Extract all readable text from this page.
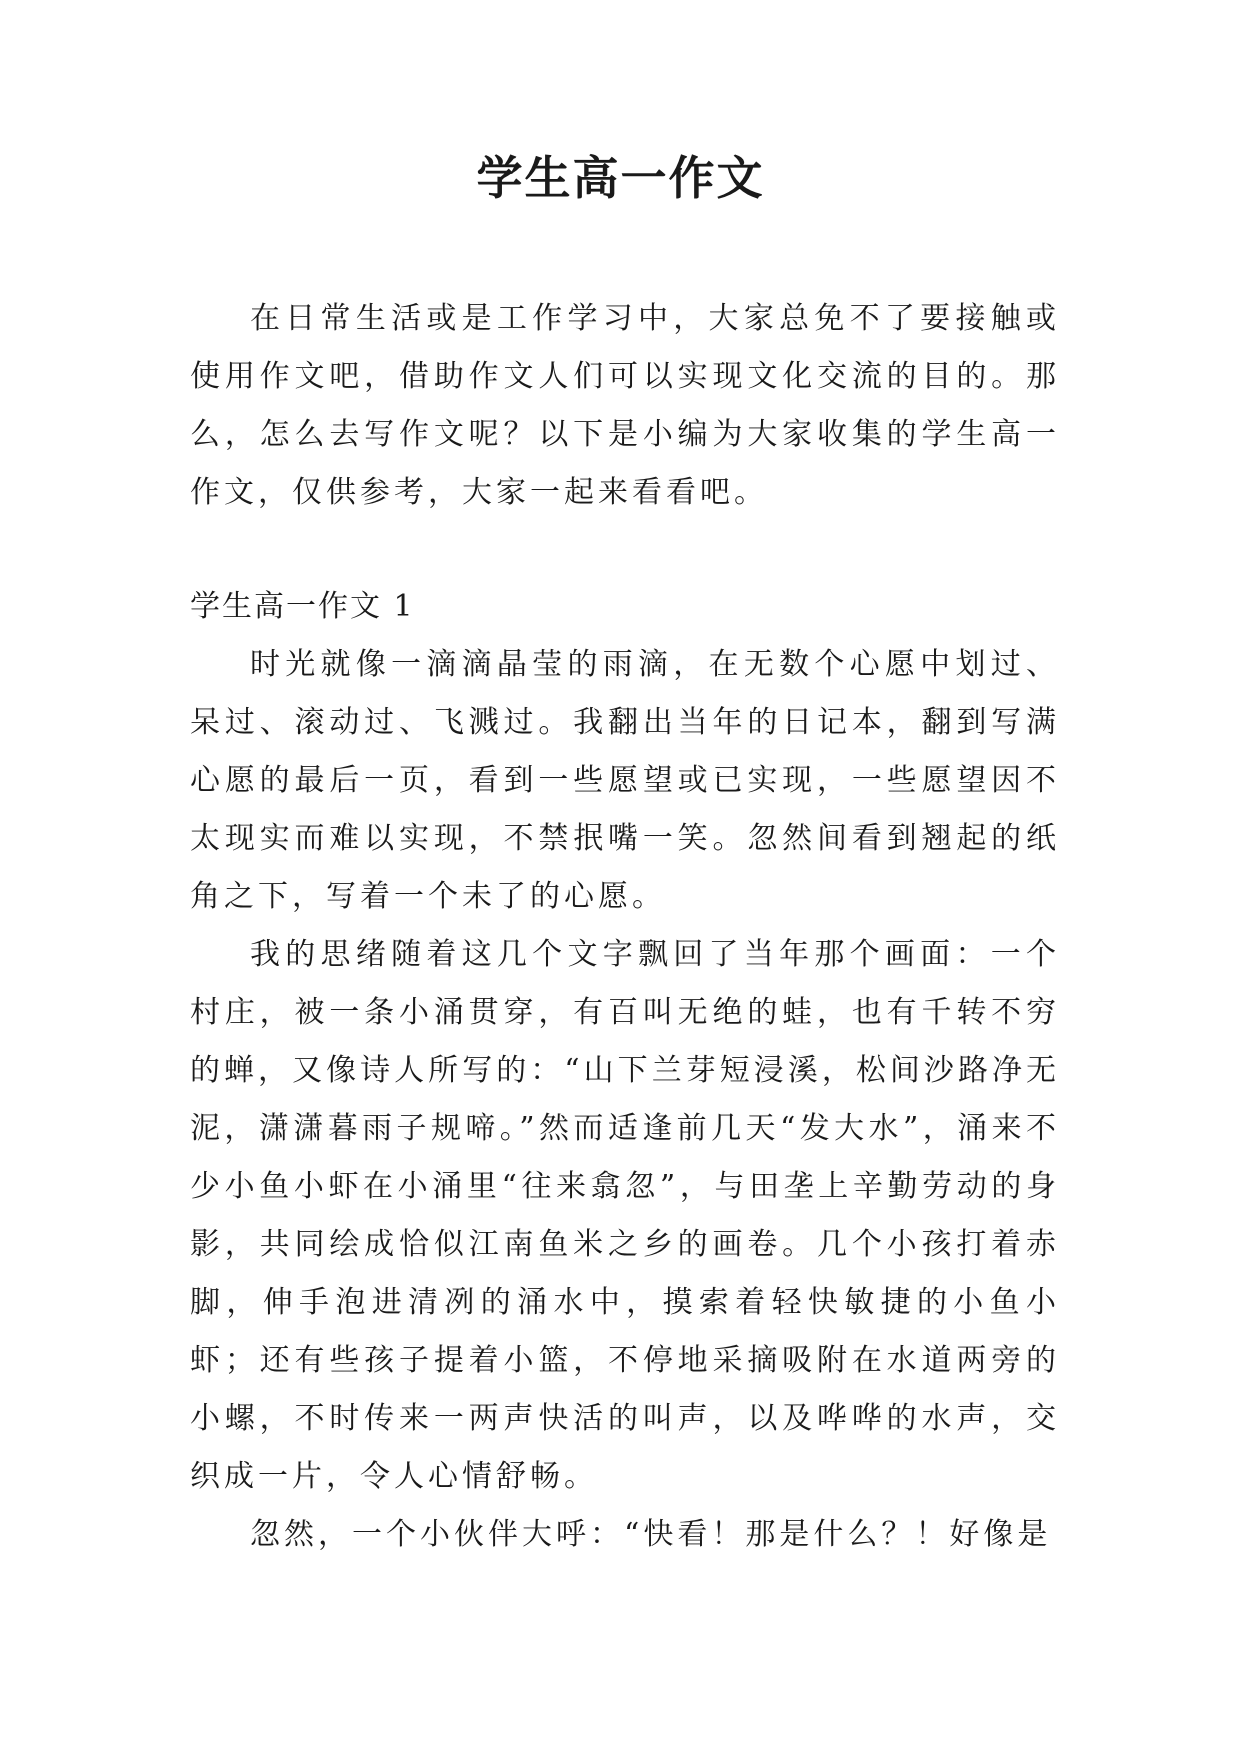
学生高一作文

在日常生活或是工作学习中，大家总免不了要接触或使用作文吧，借助作文人们可以实现文化交流的目的。那么，怎么去写作文呢？以下是小编为大家收集的学生高一作文，仅供参考，大家一起来看看吧。

学生高一作文 1

时光就像一滴滴晶莹的雨滴，在无数个心愿中划过、呆过、滚动过、飞溅过。我翻出当年的日记本，翻到写满心愿的最后一页，看到一些愿望或已实现，一些愿望因不太现实而难以实现，不禁抿嘴一笑。忽然间看到翘起的纸角之下，写着一个未了的心愿。

我的思绪随着这几个文字飘回了当年那个画面：一个村庄，被一条小涌贯穿，有百叫无绝的蛙，也有千转不穷的蝉，又像诗人所写的：“山下兰芽短浸溪，松间沙路净无泥，潇潇暮雨子规啼。”然而适逢前几天“发大水”，涌来不少小鱼小虾在小涌里“往来翕忽”，与田垄上辛勤劳动的身影，共同绘成恰似江南鱼米之乡的画卷。几个小孩打着赤脚，伸手泡进清冽的涌水中，摸索着轻快敏捷的小鱼小虾；还有些孩子提着小篮，不停地采摘吸附在水道两旁的小螺，不时传来一两声快活的叫声，以及哗哗的水声，交织成一片，令人心情舒畅。

忽然，一个小伙伴大呼：“快看！那是什么？！好像是
